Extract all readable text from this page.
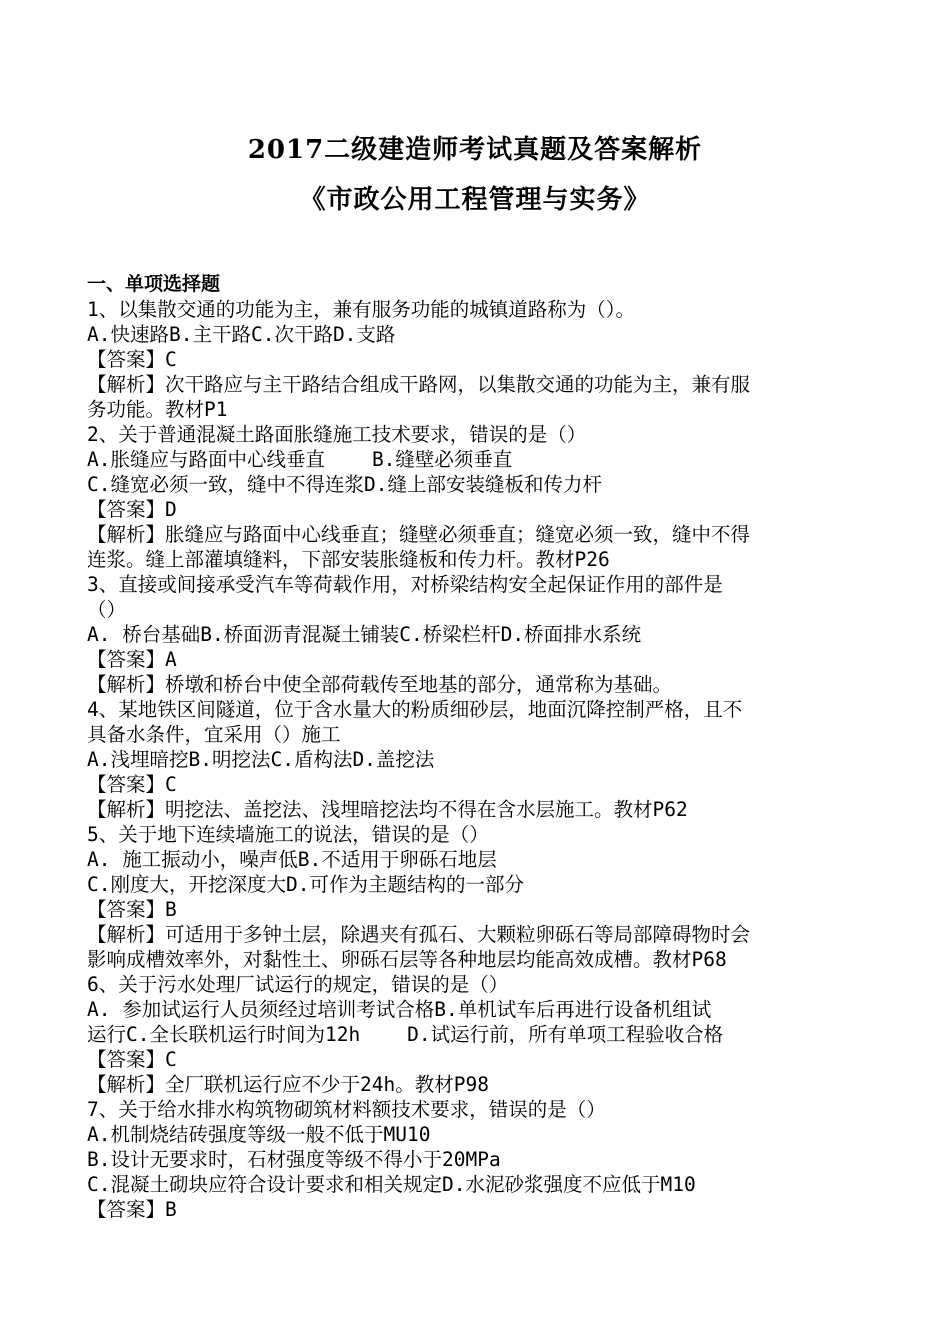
2017二级建造师考试真题及答案解析
《市政公用工程管理与实务》
一、单项选择题
1、以集散交通的功能为主，兼有服务功能的城镇道路称为（）。
A.快速路B.主干路C.次干路D.支路
【答案】C
【解析】次干路应与主干路结合组成干路网，以集散交通的功能为主，兼有服
务功能。教材P1
2、关于普通混凝土路面胀缝施工技术要求，错误的是（）
A.胀缝应与路面中心线垂直    B.缝壁必须垂直
C.缝宽必须一致，缝中不得连浆D.缝上部安装缝板和传力杆
【答案】D
【解析】胀缝应与路面中心线垂直；缝壁必须垂直；缝宽必须一致，缝中不得
连浆。缝上部灌填缝料，下部安装胀缝板和传力杆。教材P26
3、直接或间接承受汽车等荷载作用，对桥梁结构安全起保证作用的部件是
（）
A. 桥台基础B.桥面沥青混凝土铺装C.桥梁栏杆D.桥面排水系统
【答案】A
【解析】桥墩和桥台中使全部荷载传至地基的部分，通常称为基础。
4、某地铁区间隧道，位于含水量大的粉质细砂层，地面沉降控制严格，且不
具备水条件，宜采用（）施工
A.浅埋暗挖B.明挖法C.盾构法D.盖挖法
【答案】C
【解析】明挖法、盖挖法、浅埋暗挖法均不得在含水层施工。教材P62
5、关于地下连续墙施工的说法，错误的是（）
A. 施工振动小，噪声低B.不适用于卵砾石地层
C.刚度大，开挖深度大D.可作为主题结构的一部分
【答案】B
【解析】可适用于多钟土层，除遇夹有孤石、大颗粒卵砾石等局部障碍物时会
影响成槽效率外，对黏性土、卵砾石层等各种地层均能高效成槽。教材P68
6、关于污水处理厂试运行的规定，错误的是（）
A. 参加试运行人员须经过培训考试合格B.单机试车后再进行设备机组试
运行C.全长联机运行时间为12h    D.试运行前，所有单项工程验收合格
【答案】C
【解析】全厂联机运行应不少于24h。教材P98
7、关于给水排水构筑物砌筑材料额技术要求，错误的是（）
A.机制烧结砖强度等级一般不低于MU10
B.设计无要求时，石材强度等级不得小于20MPa
C.混凝土砌块应符合设计要求和相关规定D.水泥砂浆强度不应低于M10
【答案】B
